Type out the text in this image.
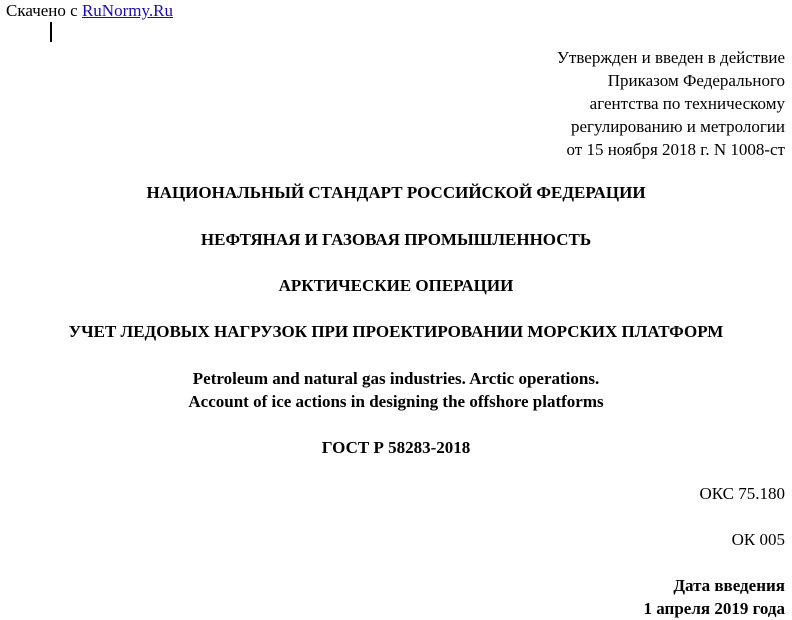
Скачено с RuNormy.Ru
Утвержден и введен в действие
Приказом Федерального
агентства по техническому
регулированию и метрологии
от 15 ноября 2018 г. N 1008-ст
НАЦИОНАЛЬНЫЙ СТАНДАРТ РОССИЙСКОЙ ФЕДЕРАЦИИ
НЕФТЯНАЯ И ГАЗОВАЯ ПРОМЫШЛЕННОСТЬ
АРКТИЧЕСКИЕ ОПЕРАЦИИ
УЧЕТ ЛЕДОВЫХ НАГРУЗОК ПРИ ПРОЕКТИРОВАНИИ МОРСКИХ ПЛАТФОРМ
Petroleum and natural gas industries. Arctic operations.
Account of ice actions in designing the offshore platforms
ГОСТ Р 58283-2018
ОКС 75.180
ОК 005
Дата введения
1 апреля 2019 года
